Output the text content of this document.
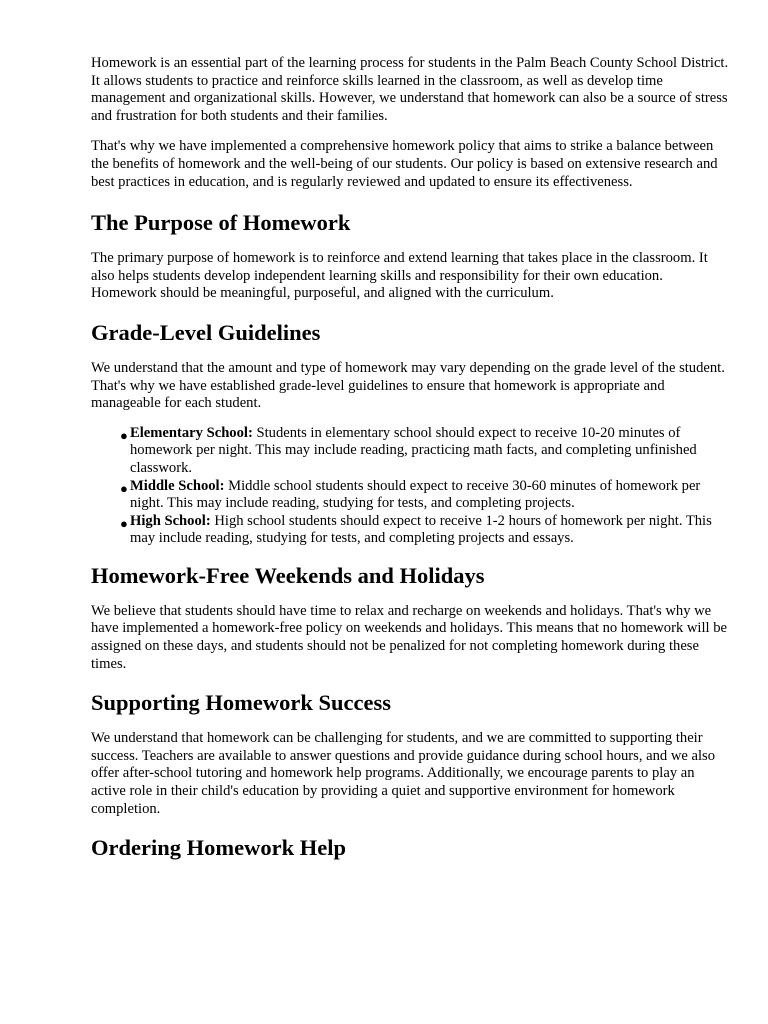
Homework is an essential part of the learning process for students in the Palm Beach County School District. It allows students to practice and reinforce skills learned in the classroom, as well as develop time management and organizational skills. However, we understand that homework can also be a source of stress and frustration for both students and their families.

That's why we have implemented a comprehensive homework policy that aims to strike a balance between the benefits of homework and the well-being of our students. Our policy is based on extensive research and best practices in education, and is regularly reviewed and updated to ensure its effectiveness.

The Purpose of Homework

The primary purpose of homework is to reinforce and extend learning that takes place in the classroom. It also helps students develop independent learning skills and responsibility for their own education. Homework should be meaningful, purposeful, and aligned with the curriculum.

Grade-Level Guidelines

We understand that the amount and type of homework may vary depending on the grade level of the student. That's why we have established grade-level guidelines to ensure that homework is appropriate and manageable for each student.

● Elementary School: Students in elementary school should expect to receive 10-20 minutes of homework per night. This may include reading, practicing math facts, and completing unfinished classwork.
● Middle School: Middle school students should expect to receive 30-60 minutes of homework per night. This may include reading, studying for tests, and completing projects.
● High School: High school students should expect to receive 1-2 hours of homework per night. This may include reading, studying for tests, and completing projects and essays.
Homework-Free Weekends and Holidays

We believe that students should have time to relax and recharge on weekends and holidays. That's why we have implemented a homework-free policy on weekends and holidays. This means that no homework will be assigned on these days, and students should not be penalized for not completing homework during these times.

Supporting Homework Success

We understand that homework can be challenging for students, and we are committed to supporting their success. Teachers are available to answer questions and provide guidance during school hours, and we also offer after-school tutoring and homework help programs. Additionally, we encourage parents to play an active role in their child's education by providing a quiet and supportive environment for homework completion.

Ordering Homework Help
